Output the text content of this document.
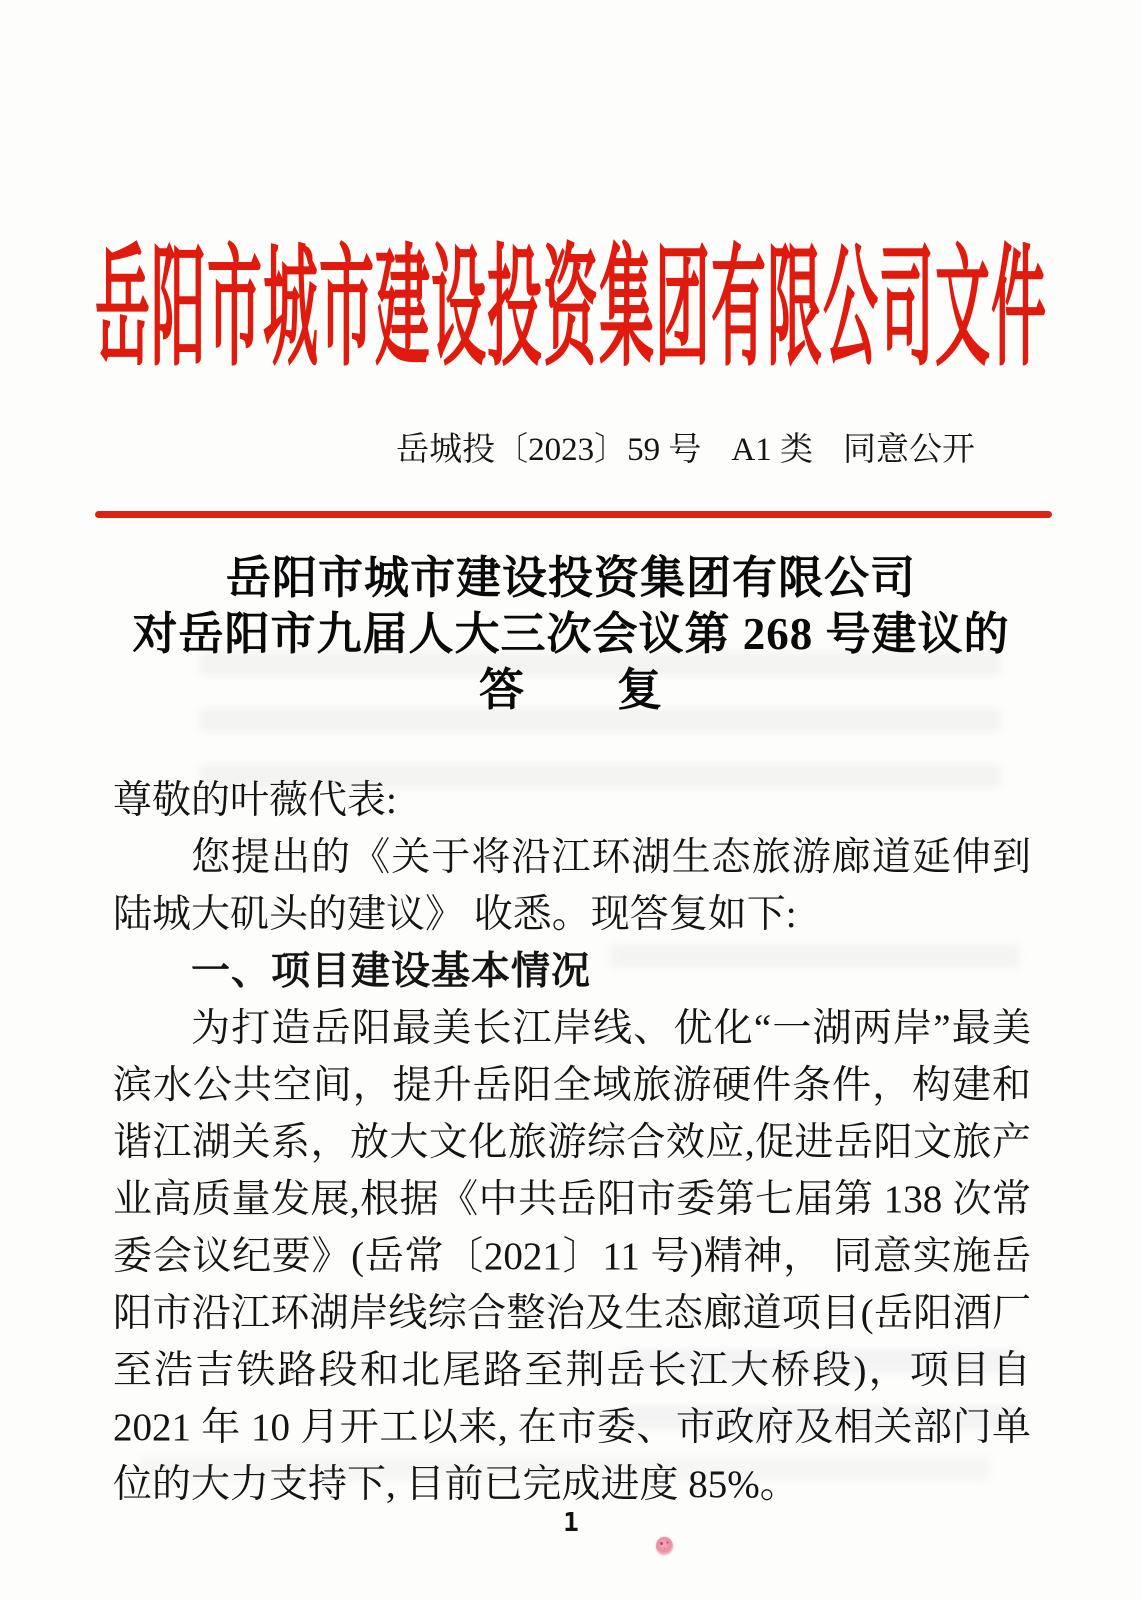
岳阳市城市建设投资集团有限公司文件
岳城投〔2023〕59 号 A1 类 同意公开
岳阳市城市建设投资集团有限公司
对岳阳市九届人大三次会议第 268 号建议的
答　　复

尊敬的叶薇代表:

您提出的《关于将沿江环湖生态旅游廊道延伸到陆城大矶头的建议》 收悉。现答复如下:

一、项目建设基本情况

为打造岳阳最美长江岸线、优化“一湖两岸”最美滨水公共空间，提升岳阳全域旅游硬件条件，构建和谐江湖关系，放大文化旅游综合效应,促进岳阳文旅产业高质量发展,根据《中共岳阳市委第七届第 138 次常委会议纪要》(岳常〔2021〕11 号)精神， 同意实施岳阳市沿江环湖岸线综合整治及生态廊道项目(岳阳酒厂至浩吉铁路段和北尾路至荆岳长江大桥段)，项目自 2021 年 10 月开工以来, 在市委、市政府及相关部门单位的大力支持下, 目前已完成进度 85%。

1
